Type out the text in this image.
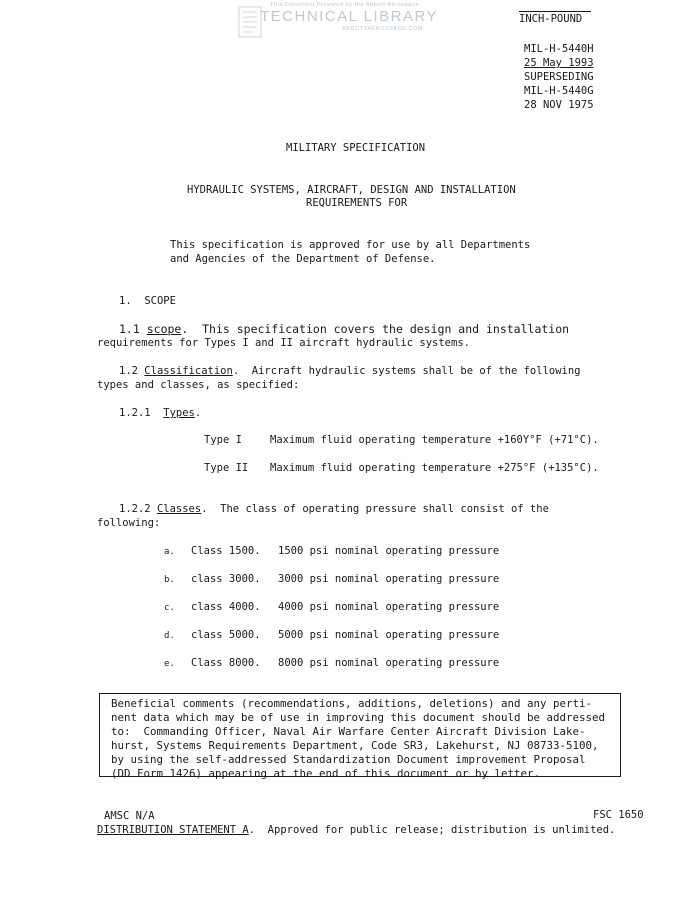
This Document Provided by the Abbott Aerospace
TECHNICAL LIBRARY
ABBOTTAEROSPACE.COM
INCH-POUND
MIL-H-5440H
25 May 1993
SUPERSEDING
MIL-H-5440G
28 NOV 1975
MILITARY SPECIFICATION
HYDRAULIC SYSTEMS, AIRCRAFT, DESIGN AND INSTALLATION
REQUIREMENTS FOR
This specification is approved for use by all Departments
and Agencies of the Department of Defense.
1. SCOPE
1.1 scope.  This specification covers the design and installation
requirements for Types I and II aircraft hydraulic systems.
1.2 Classification.  Aircraft hydraulic systems shall be of the following
types and classes, as specified:
1.2.1 Types.
Type I	Maximum fluid operating temperature +160Y°F (+71°C).
Type II Maximum fluid operating temperature +275°F (+135°C).
1.2.2 Classes.  The class of operating pressure shall consist of the
following:
a. Class 1500. 1500 psi nominal operating pressure
b. class 3000. 3000 psi nominal operating pressure
c. class 4000. 4000 psi nominal operating pressure
d. class 5000. 5000 psi nominal operating pressure
e. Class 8000. 8000 psi nominal operating pressure
Beneficial comments (recommendations, additions, deletions) and any perti-
nent data which may be of use in improving this document should be addressed
to:  Commanding Officer, Naval Air Warfare Center Aircraft Division Lake-
hurst, Systems Requirements Department, Code SR3, Lakehurst, NJ 08733-5100,
by using the self-addressed Standardization Document improvement Proposal
(DD Form 1426) appearing at the end of this document or by letter.
AMSC N/A	FSC 1650
DISTRIBUTION STATEMENT A.  Approved for public release; distribution is unlimited.
